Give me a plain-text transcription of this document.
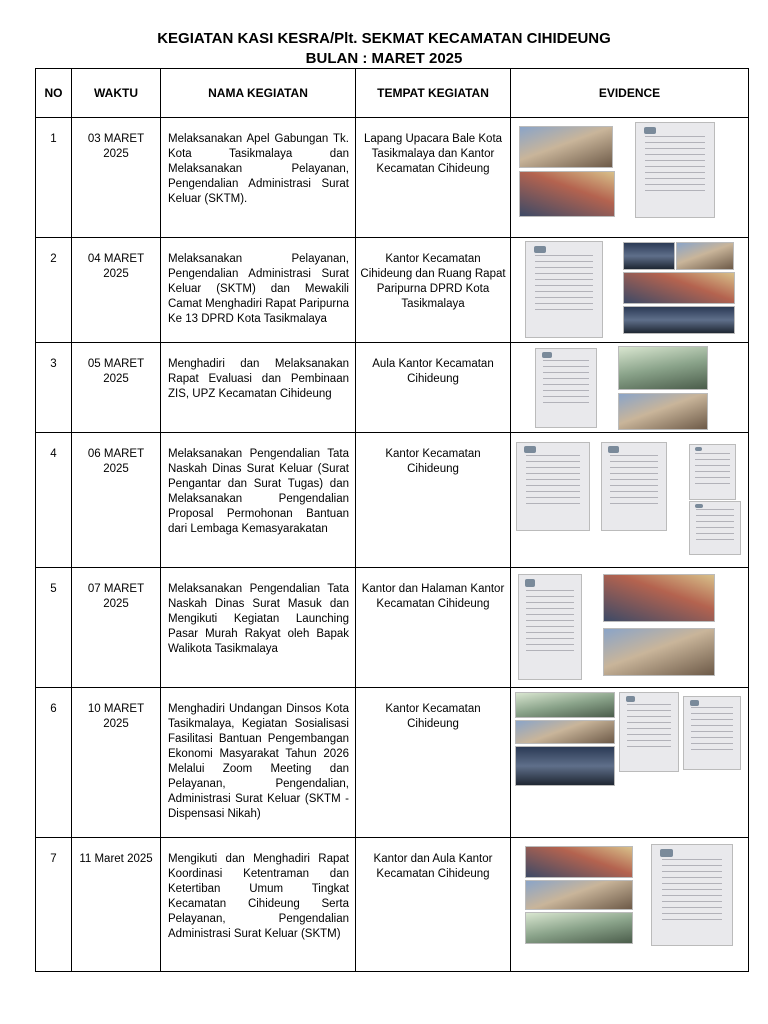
KEGIATAN KASI KESRA/Plt. SEKMAT KECAMATAN CIHIDEUNG
BULAN : MARET 2025
NO	WAKTU	NAMA KEGIATAN	TEMPAT KEGIATAN	EVIDENCE
1	03 MARET 2025	Melaksanakan Apel Gabungan Tk. Kota Tasikmalaya dan Melaksanakan Pelayanan, Pengendalian Administrasi Surat Keluar (SKTM).	Lapang Upacara Bale Kota Tasikmalaya dan Kantor Kecamatan Cihideung	

2	04 MARET 2025	Melaksanakan Pelayanan, Pengendalian Administrasi Surat Keluar (SKTM) dan Mewakili Camat Menghadiri Rapat Paripurna Ke 13 DPRD Kota Tasikmalaya	Kantor Kecamatan Cihideung dan Ruang Rapat Paripurna DPRD Kota Tasikmalaya	

3	05 MARET 2025	Menghadiri dan Melaksanakan Rapat Evaluasi dan Pembinaan ZIS, UPZ Kecamatan Cihideung	Aula Kantor Kecamatan Cihideung	

4	06 MARET 2025	Melaksanakan Pengendalian Tata Naskah Dinas Surat Keluar (Surat Pengantar dan Surat Tugas) dan Melaksanakan Pengendalian Proposal Permohonan Bantuan dari Lembaga Kemasyarakatan	Kantor Kecamatan Cihideung	

5	07 MARET 2025	Melaksanakan Pengendalian Tata Naskah Dinas Surat Masuk dan Mengikuti Kegiatan Launching Pasar Murah Rakyat oleh Bapak Walikota Tasikmalaya	Kantor dan Halaman Kantor Kecamatan Cihideung	

6	10 MARET 2025	Menghadiri Undangan Dinsos Kota Tasikmalaya, Kegiatan Sosialisasi Fasilitasi Bantuan Pengembangan Ekonomi Masyarakat Tahun 2026 Melalui Zoom Meeting dan Pelayanan, Pengendalian, Administrasi Surat Keluar (SKTM - Dispensasi Nikah)	Kantor Kecamatan Cihideung	

7	11 Maret 2025	Mengikuti dan Menghadiri Rapat Koordinasi Ketentraman dan Ketertiban Umum Tingkat Kecamatan Cihideung Serta Pelayanan, Pengendalian Administrasi Surat Keluar (SKTM)	Kantor dan Aula Kantor Kecamatan Cihideung	
